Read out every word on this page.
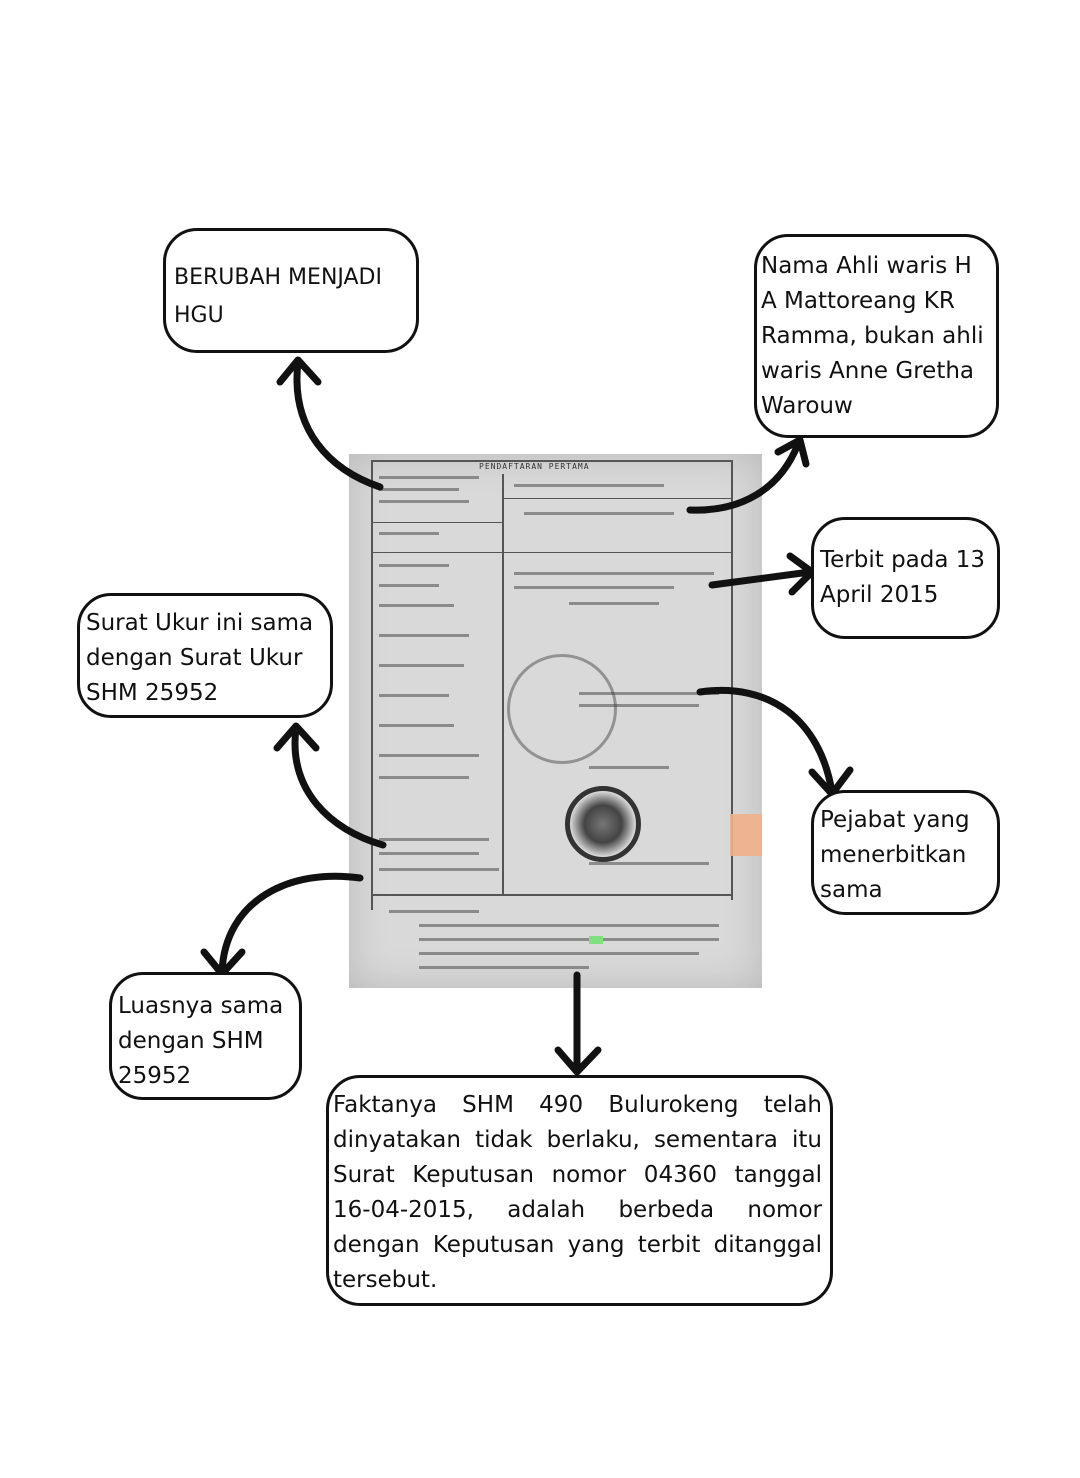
PENDAFTARAN PERTAMA
BERUBAH MENJADI HGU
Nama Ahli waris H A Mattoreang KR Ramma, bukan ahli waris Anne Gretha Warouw
Terbit pada 13 April 2015
Surat Ukur ini sama dengan Surat Ukur SHM 25952
Pejabat yang menerbitkan sama
Luasnya sama dengan SHM 25952
Faktanya SHM 490 Bulurokeng telah dinyatakan tidak berlaku, sementara itu Surat Keputusan nomor 04360 tanggal 16-04-2015, adalah berbeda nomor dengan Keputusan yang terbit ditanggal tersebut.
